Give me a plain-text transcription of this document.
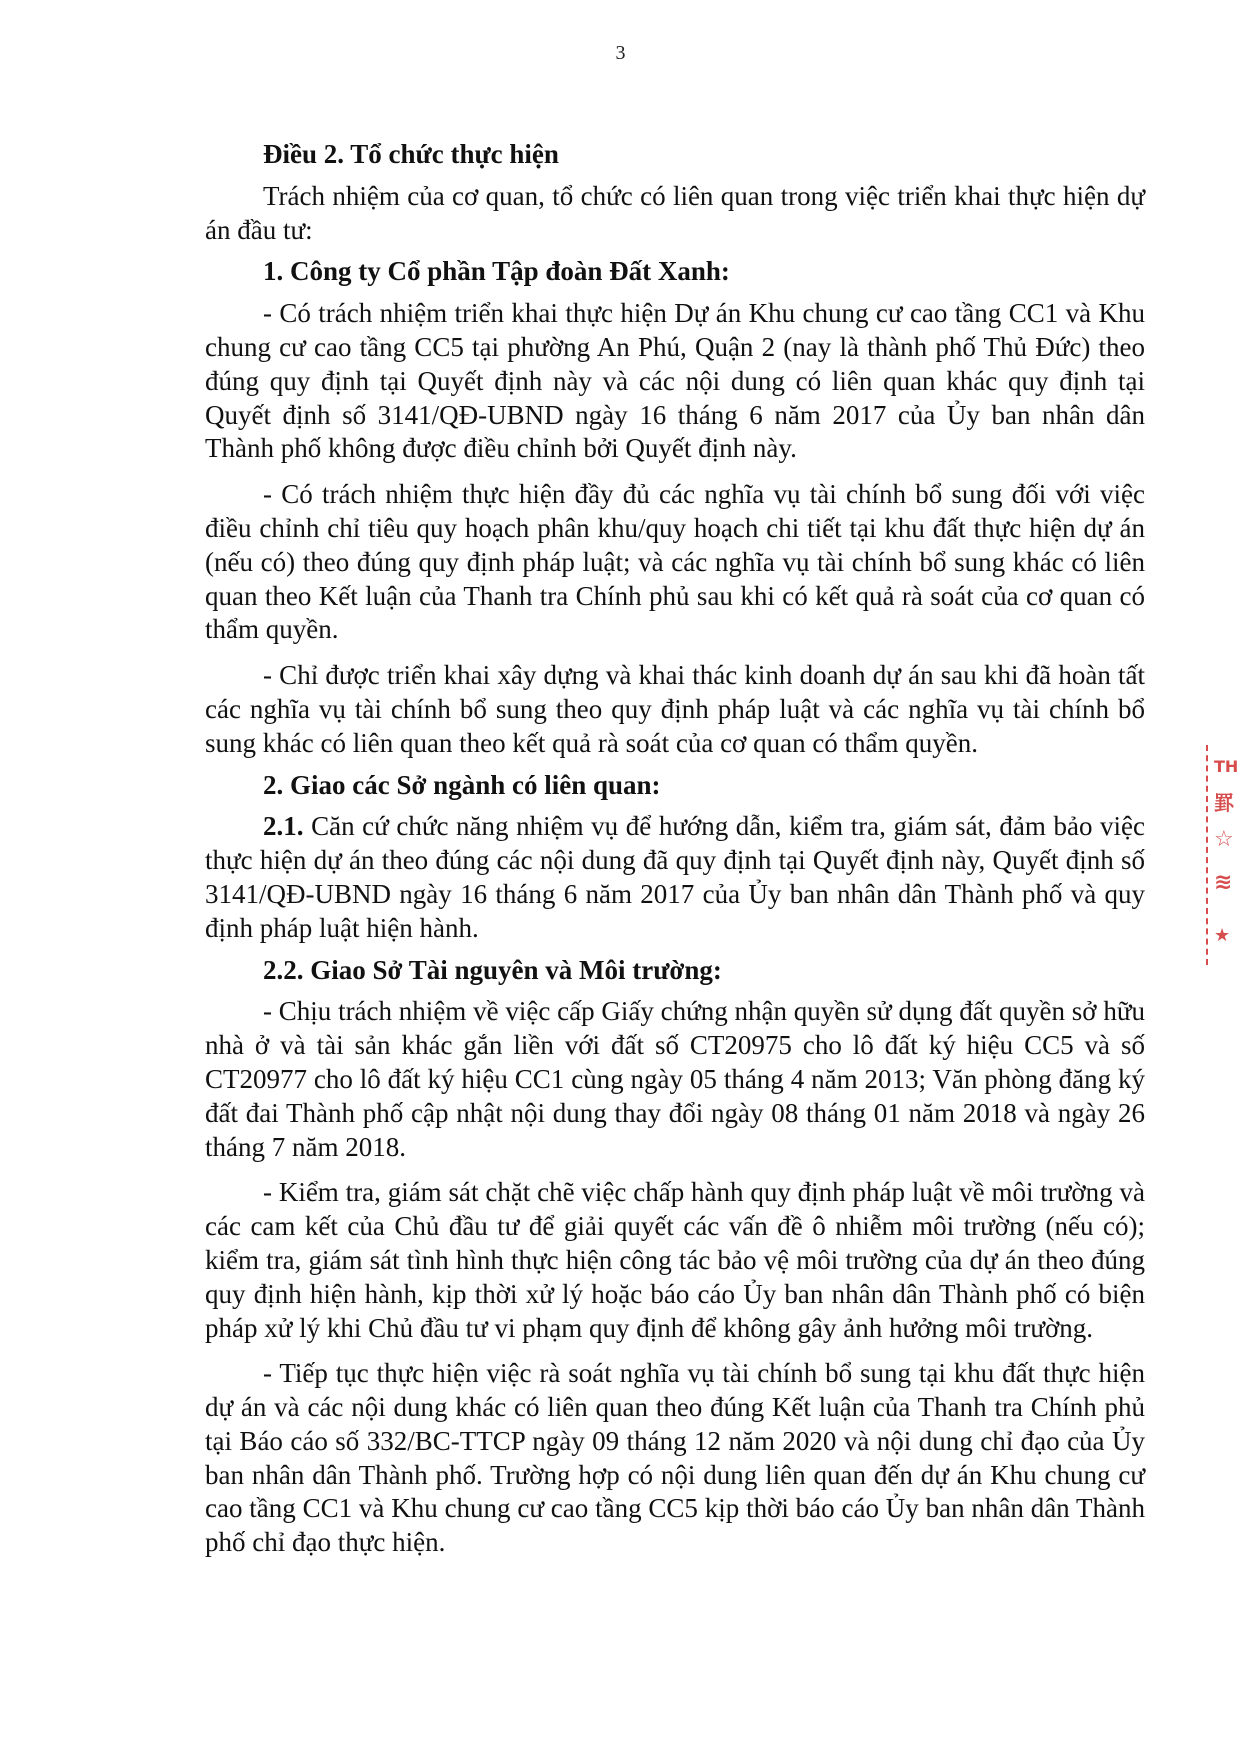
3

Điều 2. Tổ chức thực hiện

Trách nhiệm của cơ quan, tổ chức có liên quan trong việc triển khai thực hiện dự án đầu tư:

1. Công ty Cổ phần Tập đoàn Đất Xanh:

- Có trách nhiệm triển khai thực hiện Dự án Khu chung cư cao tầng CC1 và Khu chung cư cao tầng CC5 tại phường An Phú, Quận 2 (nay là thành phố Thủ Đức) theo đúng quy định tại Quyết định này và các nội dung có liên quan khác quy định tại Quyết định số 3141/QĐ-UBND ngày 16 tháng 6 năm 2017 của Ủy ban nhân dân Thành phố không được điều chỉnh bởi Quyết định này.

- Có trách nhiệm thực hiện đầy đủ các nghĩa vụ tài chính bổ sung đối với việc điều chỉnh chỉ tiêu quy hoạch phân khu/quy hoạch chi tiết tại khu đất thực hiện dự án (nếu có) theo đúng quy định pháp luật; và các nghĩa vụ tài chính bổ sung khác có liên quan theo Kết luận của Thanh tra Chính phủ sau khi có kết quả rà soát của cơ quan có thẩm quyền.

- Chỉ được triển khai xây dựng và khai thác kinh doanh dự án sau khi đã hoàn tất các nghĩa vụ tài chính bổ sung theo quy định pháp luật và các nghĩa vụ tài chính bổ sung khác có liên quan theo kết quả rà soát của cơ quan có thẩm quyền.

2. Giao các Sở ngành có liên quan:

2.1. Căn cứ chức năng nhiệm vụ để hướng dẫn, kiểm tra, giám sát, đảm bảo việc thực hiện dự án theo đúng các nội dung đã quy định tại Quyết định này, Quyết định số 3141/QĐ-UBND ngày 16 tháng 6 năm 2017 của Ủy ban nhân dân Thành phố và quy định pháp luật hiện hành.

2.2. Giao Sở Tài nguyên và Môi trường:

- Chịu trách nhiệm về việc cấp Giấy chứng nhận quyền sử dụng đất quyền sở hữu nhà ở và tài sản khác gắn liền với đất số CT20975 cho lô đất ký hiệu CC5 và số CT20977 cho lô đất ký hiệu CC1 cùng ngày 05 tháng 4 năm 2013; Văn phòng đăng ký đất đai Thành phố cập nhật nội dung thay đổi ngày 08 tháng 01 năm 2018 và ngày 26 tháng 7 năm 2018.

- Kiểm tra, giám sát chặt chẽ việc chấp hành quy định pháp luật về môi trường và các cam kết của Chủ đầu tư để giải quyết các vấn đề ô nhiễm môi trường (nếu có); kiểm tra, giám sát tình hình thực hiện công tác bảo vệ môi trường của dự án theo đúng quy định hiện hành, kịp thời xử lý hoặc báo cáo Ủy ban nhân dân Thành phố có biện pháp xử lý khi Chủ đầu tư vi phạm quy định để không gây ảnh hưởng môi trường.

- Tiếp tục thực hiện việc rà soát nghĩa vụ tài chính bổ sung tại khu đất thực hiện dự án và các nội dung khác có liên quan theo đúng Kết luận của Thanh tra Chính phủ tại Báo cáo số 332/BC-TTCP ngày 09 tháng 12 năm 2020 và nội dung chỉ đạo của Ủy ban nhân dân Thành phố. Trường hợp có nội dung liên quan đến dự án Khu chung cư cao tầng CC1 và Khu chung cư cao tầng CC5 kịp thời báo cáo Ủy ban nhân dân Thành phố chỉ đạo thực hiện.

TH
罫
☆
≋
★
